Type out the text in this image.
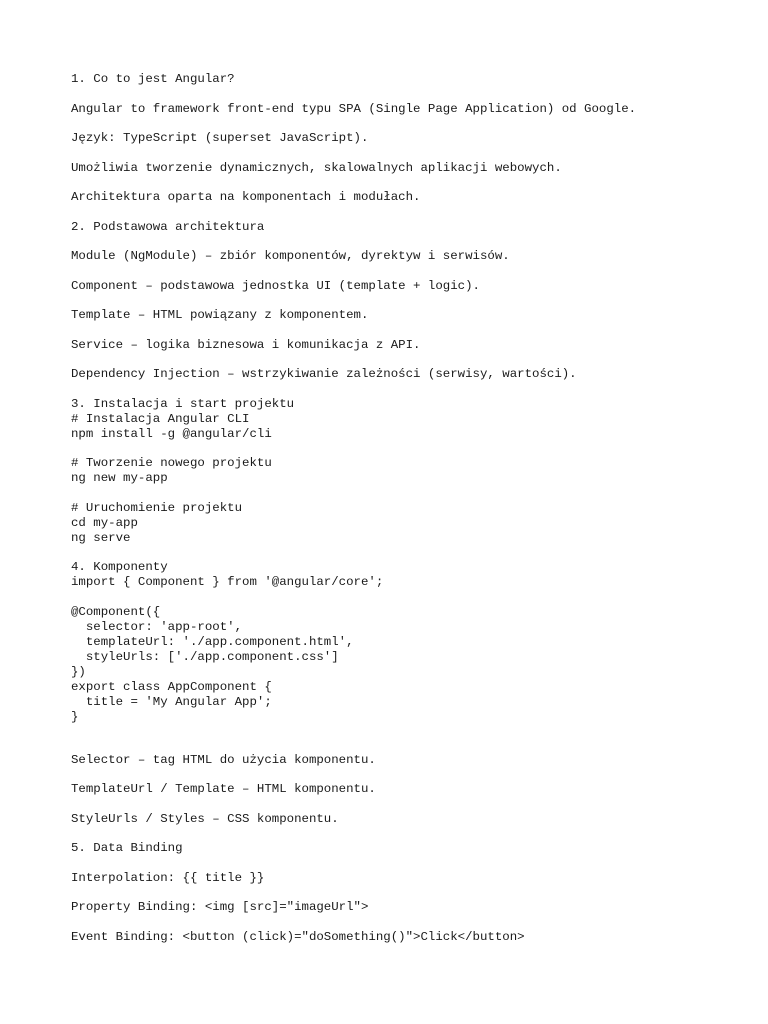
1. Co to jest Angular?
Angular to framework front-end typu SPA (Single Page Application) od Google.
Język: TypeScript (superset JavaScript).
Umożliwia tworzenie dynamicznych, skalowalnych aplikacji webowych.
Architektura oparta na komponentach i modułach.
2. Podstawowa architektura
Module (NgModule) – zbiór komponentów, dyrektyw i serwisów.
Component – podstawowa jednostka UI (template + logic).
Template – HTML powiązany z komponentem.
Service – logika biznesowa i komunikacja z API.
Dependency Injection – wstrzykiwanie zależności (serwisy, wartości).
3. Instalacja i start projektu
# Instalacja Angular CLI
npm install -g @angular/cli
# Tworzenie nowego projektu
ng new my-app
# Uruchomienie projektu
cd my-app
ng serve
4. Komponenty
import { Component } from '@angular/core';
@Component({
selector: 'app-root',
templateUrl: './app.component.html',
styleUrls: ['./app.component.css']
})
export class AppComponent {
title = 'My Angular App';
}
Selector – tag HTML do użycia komponentu.
TemplateUrl / Template – HTML komponentu.
StyleUrls / Styles – CSS komponentu.
5. Data Binding
Interpolation: {{ title }}
Property Binding: <img [src]="imageUrl">
Event Binding: <button (click)="doSomething()">Click</button>
